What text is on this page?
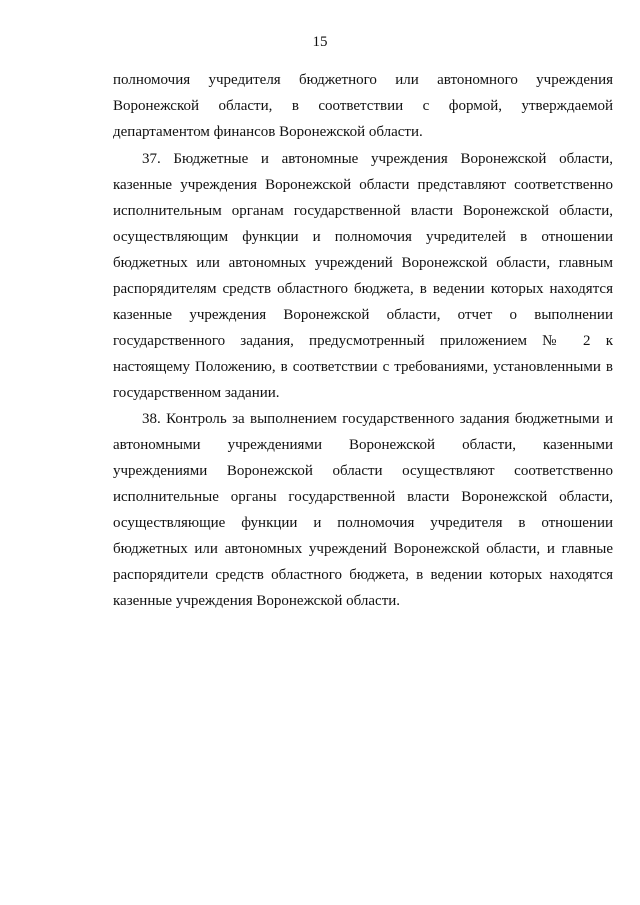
15
полномочия учредителя бюджетного или автономного учреждения
Воронежской области, в соответствии с формой, утверждаемой
департаментом финансов Воронежской области.
37. Бюджетные и автономные учреждения Воронежской области,
казенные учреждения Воронежской области представляют соответственно
исполнительным органам государственной власти Воронежской области,
осуществляющим функции и полномочия учредителей в отношении
бюджетных или автономных учреждений Воронежской области, главным
распорядителям средств областного бюджета, в ведении которых находятся
казенные учреждения Воронежской области, отчет о выполнении
государственного задания, предусмотренный приложением № 2 к
настоящему Положению, в соответствии с требованиями, установленными в
государственном задании.
38. Контроль за выполнением государственного задания бюджетными и
автономными учреждениями Воронежской области, казенными
учреждениями Воронежской области осуществляют соответственно
исполнительные органы государственной власти Воронежской области,
осуществляющие функции и полномочия учредителя в отношении
бюджетных или автономных учреждений Воронежской области, и главные
распорядители средств областного бюджета, в ведении которых находятся
казенные учреждения Воронежской области.
